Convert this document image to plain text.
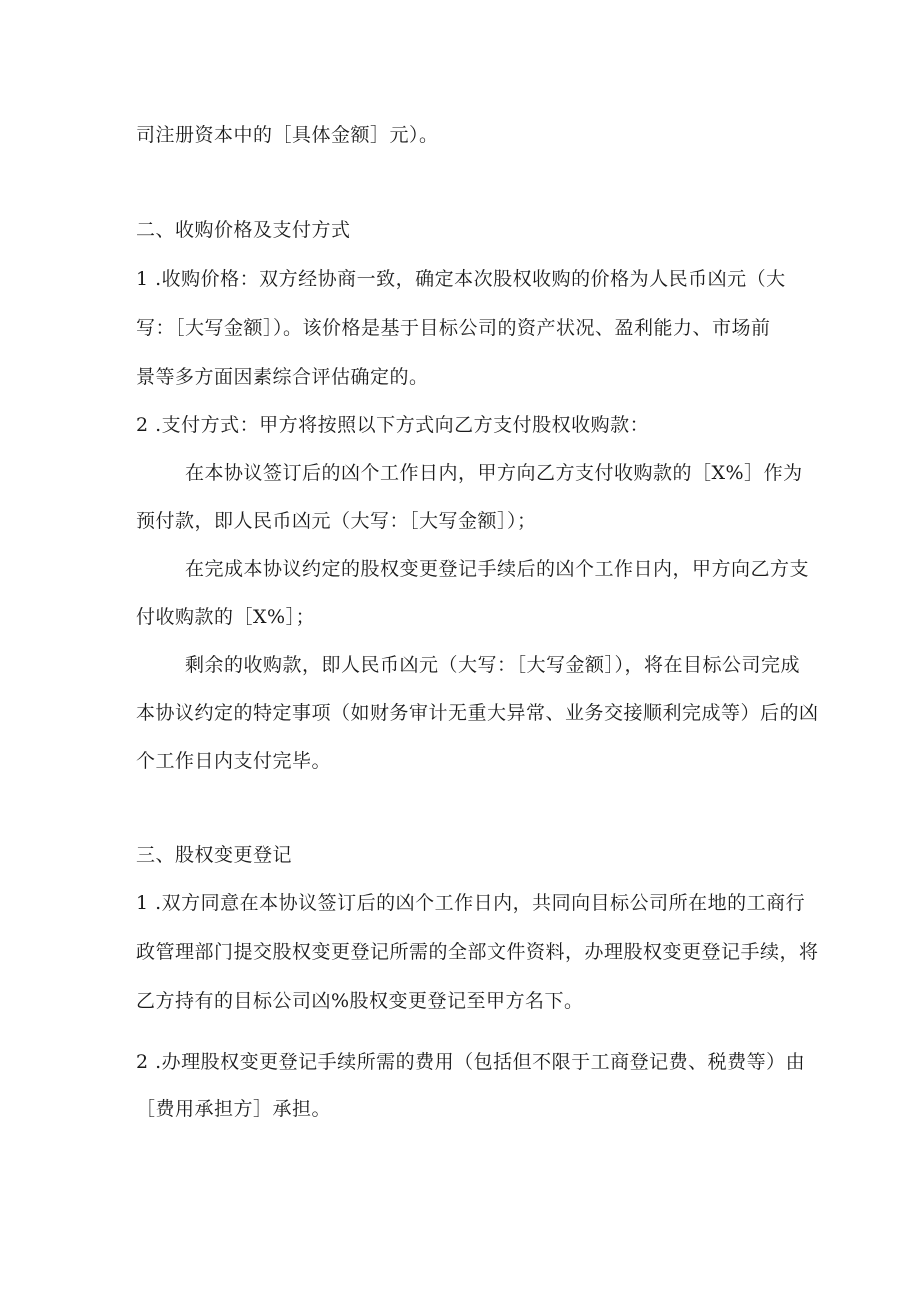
司注册资本中的［具体金额］元）。
二、收购价格及支付方式
1 .收购价格：双方经协商一致，确定本次股权收购的价格为人民币凶元（大
写：［大写金额］）。该价格是基于目标公司的资产状况、盈利能力、市场前
景等多方面因素综合评估确定的。
2 .支付方式：甲方将按照以下方式向乙方支付股权收购款：
在本协议签订后的凶个工作日内，甲方向乙方支付收购款的［X%］作为
预付款，即人民币凶元（大写：［大写金额］）；
在完成本协议约定的股权变更登记手续后的凶个工作日内，甲方向乙方支
付收购款的［X%］；
剩余的收购款，即人民币凶元（大写：［大写金额］），将在目标公司完成
本协议约定的特定事项（如财务审计无重大异常、业务交接顺利完成等）后的凶
个工作日内支付完毕。
三、股权变更登记
1 .双方同意在本协议签订后的凶个工作日内，共同向目标公司所在地的工商行
政管理部门提交股权变更登记所需的全部文件资料，办理股权变更登记手续，将
乙方持有的目标公司凶%股权变更登记至甲方名下。
2 .办理股权变更登记手续所需的费用（包括但不限于工商登记费、税费等）由
［费用承担方］承担。
